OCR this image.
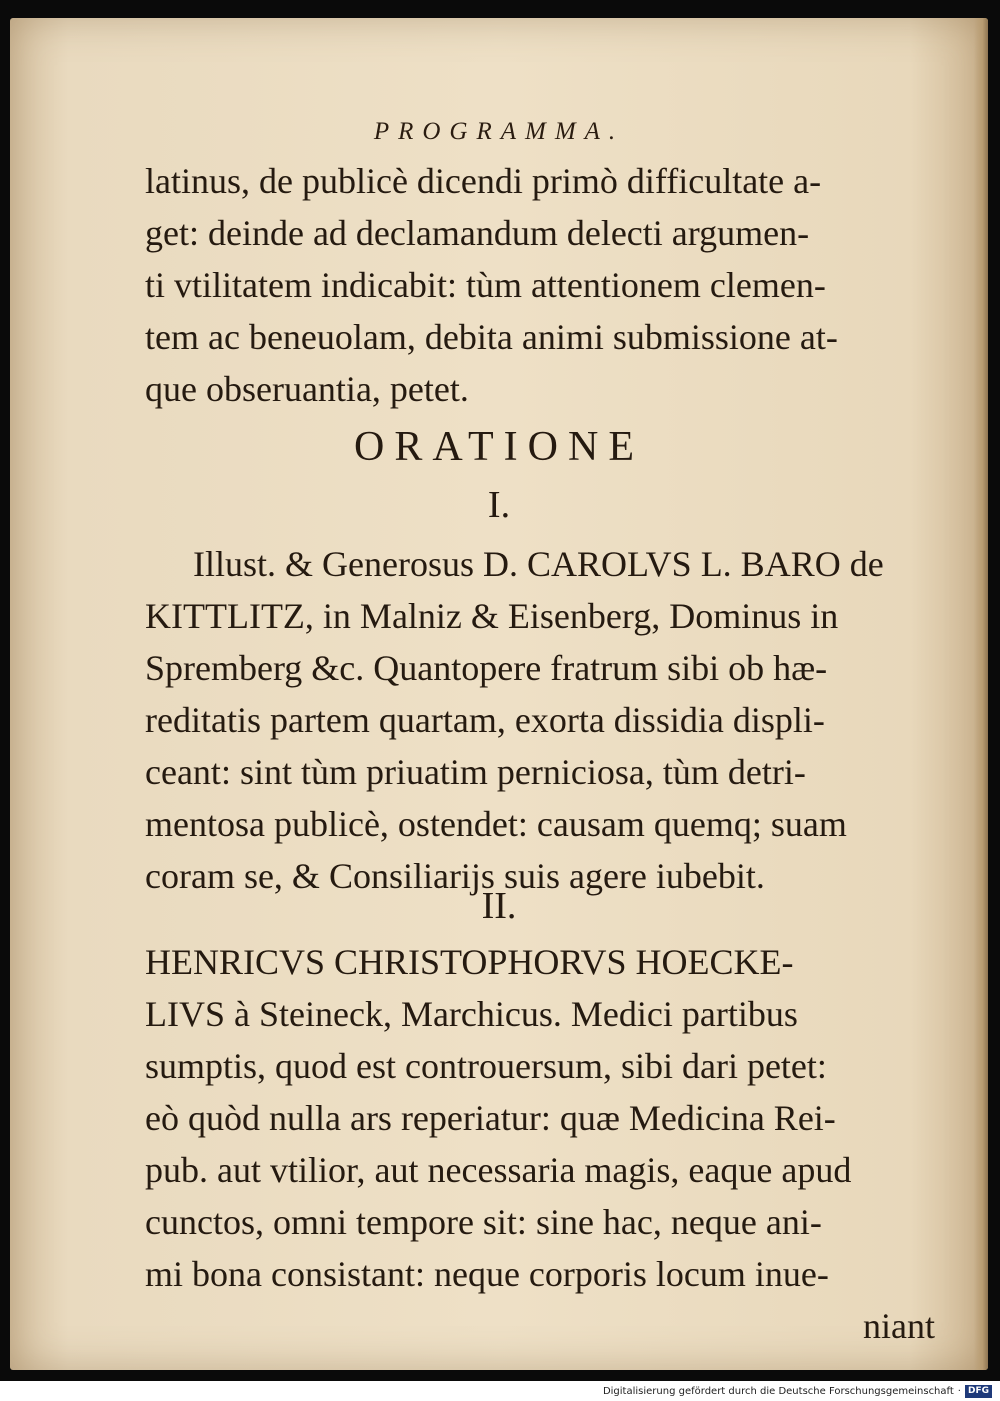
PROGRAMMA.
latinus, de publicè dicendi primò difficultate a-
get: deinde ad declamandum delecti argumen-
ti vtilitatem indicabit: tùm attentionem clemen-
tem ac beneuolam, debita animi submissione at-
que obseruantia, petet.
ORATIONE
I.
Illust. & Generosus D. CAROLVS L. BARO de
KITTLITZ, in Malniz & Eisenberg, Dominus in
Spremberg &c. Quantopere fratrum sibi ob hæ-
reditatis partem quartam, exorta dissidia displi-
ceant: sint tùm priuatim perniciosa, tùm detri-
mentosa publicè, ostendet: causam quemq; suam
coram se, & Consiliarijs suis agere iubebit.
II.
HENRICVS CHRISTOPHORVS HOECKE-
LIVS à Steineck, Marchicus. Medici partibus
sumptis, quod est controuersum, sibi dari petet:
eò quòd nulla ars reperiatur: quæ Medicina Rei-
pub. aut vtilior, aut necessaria magis, eaque apud
cunctos, omni tempore sit: sine hac, neque ani-
mi bona consistant: neque corporis locum inue-
niant
Digitalisierung gefördert durch die Deutsche Forschungsgemeinschaft · DFG
